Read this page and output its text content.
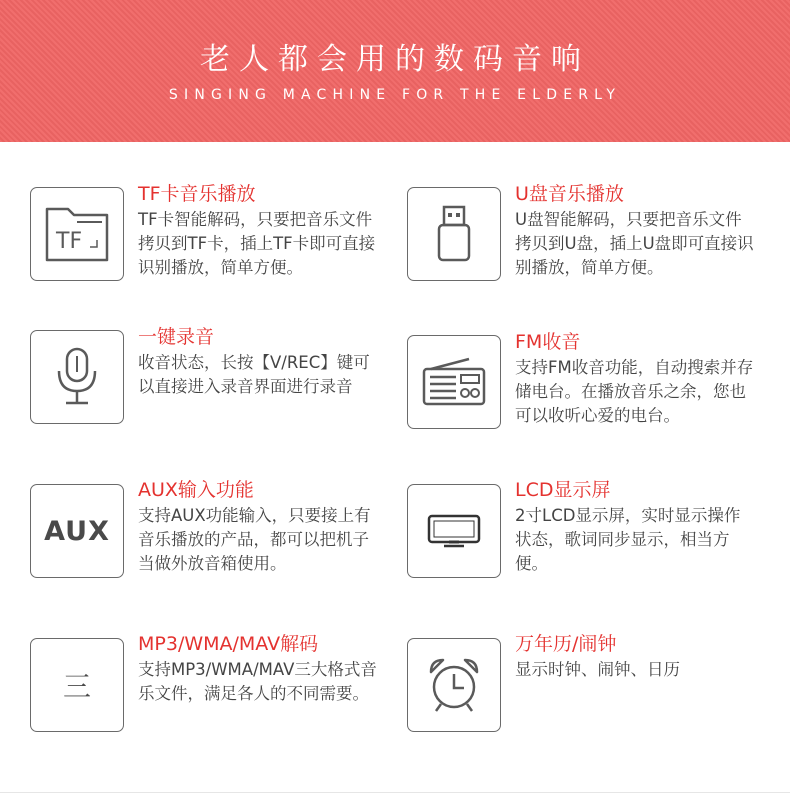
老人都会用的数码音响
SINGING MACHINE FOR THE ELDERLY
TF
TF卡音乐播放
TF卡智能解码，只要把音乐文件拷贝到TF卡，插上TF卡即可直接识别播放，简单方便。
U盘音乐播放
U盘智能解码，只要把音乐文件拷贝到U盘，插上U盘即可直接识别播放，简单方便。
一键录音
收音状态，长按【V/REC】键可以直接进入录音界面进行录音
FM收音
支持FM收音功能，自动搜索并存储电台。在播放音乐之余，您也可以收听心爱的电台。
AUX
AUX输入功能
支持AUX功能输入，只要接上有音乐播放的产品，都可以把机子当做外放音箱使用。
LCD显示屏
2寸LCD显示屏，实时显示操作状态，歌词同步显示，相当方便。
三
MP3/WMA/MAV解码
支持MP3/WMA/MAV三大格式音乐文件，满足各人的不同需要。
万年历/闹钟
显示时钟、闹钟、日历
